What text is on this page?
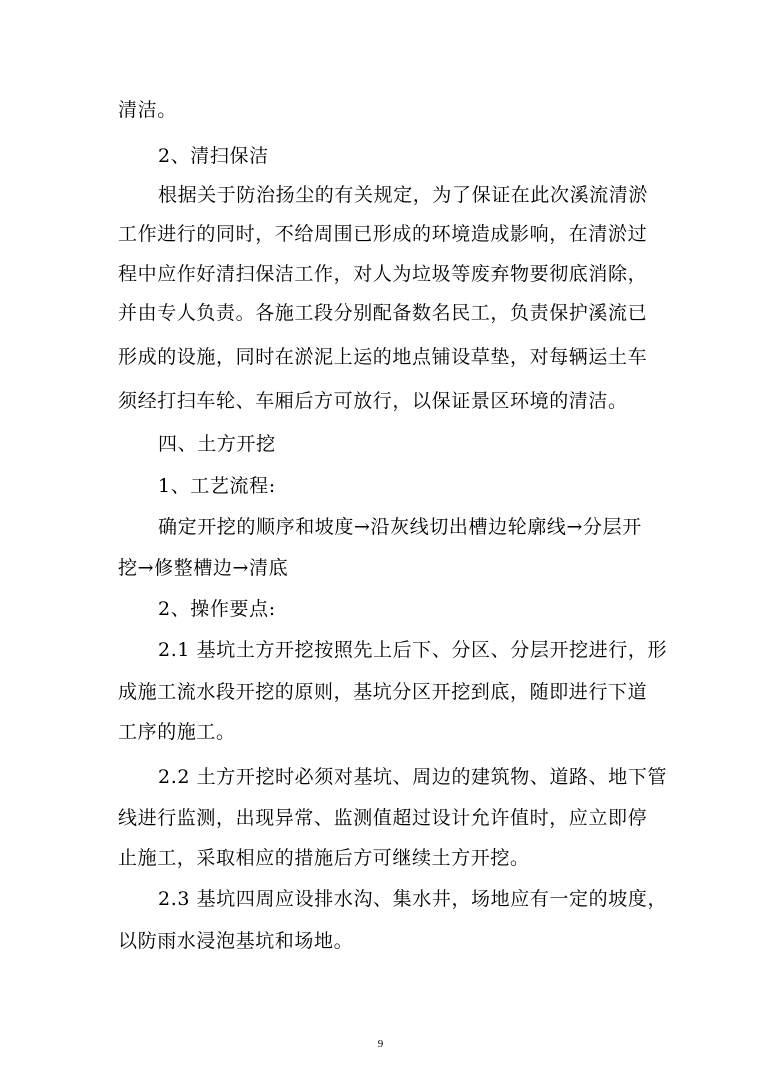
清洁。
2、清扫保洁
根据关于防治扬尘的有关规定，为了保证在此次溪流清淤
工作进行的同时，不给周围已形成的环境造成影响，在清淤过
程中应作好清扫保洁工作，对人为垃圾等废弃物要彻底消除，
并由专人负责。各施工段分别配备数名民工，负责保护溪流已
形成的设施，同时在淤泥上运的地点铺设草垫，对每辆运土车
须经打扫车轮、车厢后方可放行，以保证景区环境的清洁。
四、土方开挖
1、工艺流程:
确定开挖的顺序和坡度→沿灰线切出槽边轮廓线→分层开
挖→修整槽边→清底
2、操作要点:
2.1 基坑土方开挖按照先上后下、分区、分层开挖进行，形
成施工流水段开挖的原则，基坑分区开挖到底，随即进行下道
工序的施工。
2.2 土方开挖时必须对基坑、周边的建筑物、道路、地下管
线进行监测，出现异常、监测值超过设计允许值时，应立即停
止施工，采取相应的措施后方可继续土方开挖。
2.3 基坑四周应设排水沟、集水井，场地应有一定的坡度，
以防雨水浸泡基坑和场地。
9
